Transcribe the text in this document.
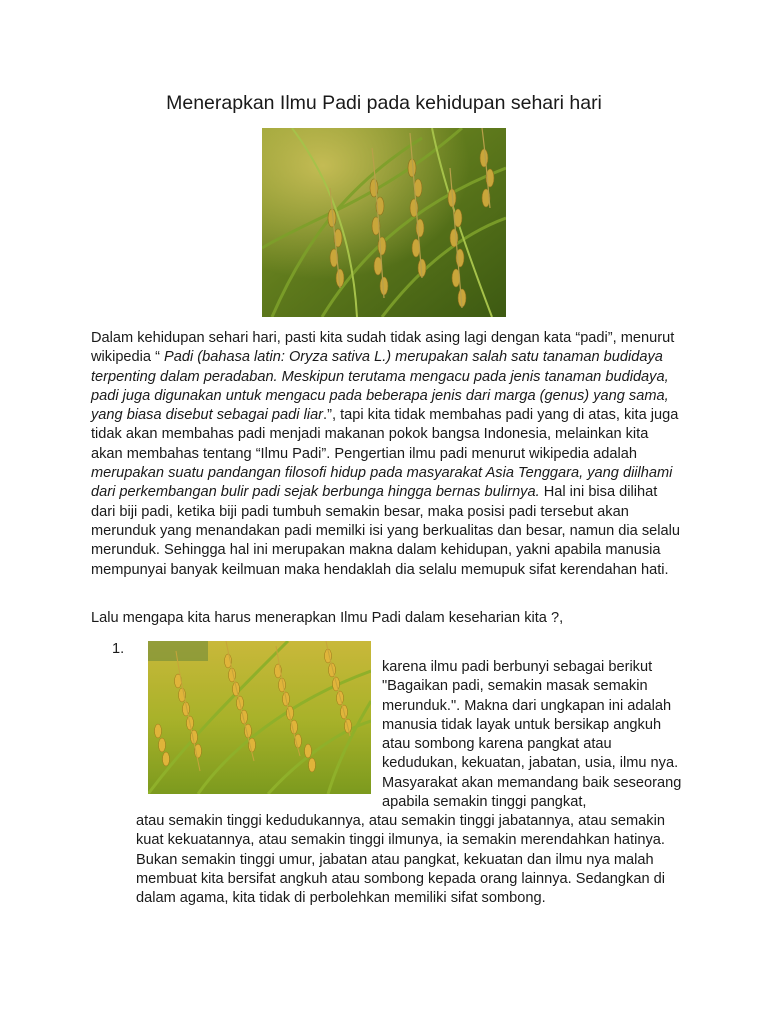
Menerapkan Ilmu Padi pada kehidupan sehari hari

Dalam kehidupan sehari hari, pasti kita sudah tidak asing lagi dengan kata “padi”, menurut wikipedia “ Padi (bahasa latin: Oryza sativa L.) merupakan salah satu tanaman budidaya terpenting dalam peradaban. Meskipun terutama mengacu pada jenis tanaman budidaya, padi juga digunakan untuk mengacu pada beberapa jenis dari marga (genus) yang sama, yang biasa disebut sebagai padi liar.”, tapi kita tidak membahas padi yang di atas, kita juga tidak akan membahas padi menjadi makanan pokok bangsa Indonesia, melainkan kita akan membahas tentang “Ilmu Padi”. Pengertian ilmu padi menurut wikipedia adalah merupakan suatu pandangan filosofi hidup pada masyarakat Asia Tenggara, yang diilhami dari perkembangan bulir padi sejak berbunga hingga bernas bulirnya. Hal ini bisa dilihat dari biji padi, ketika biji padi tumbuh semakin besar, maka posisi padi tersebut akan merunduk yang menandakan padi memilki isi yang berkualitas dan besar, namun dia selalu merunduk. Sehingga hal ini merupakan makna dalam kehidupan, yakni apabila manusia mempunyai banyak keilmuan maka hendaklah dia selalu memupuk sifat kerendahan hati.

Lalu mengapa kita harus menerapkan Ilmu Padi dalam keseharian kita ?,

1.

karena ilmu padi berbunyi sebagai berikut "Bagaikan padi, semakin masak semakin merunduk.". Makna dari ungkapan ini adalah manusia tidak layak untuk bersikap angkuh atau sombong karena pangkat atau kedudukan, kekuatan, jabatan, usia, ilmu nya. Masyarakat akan memandang baik seseorang apabila semakin tinggi pangkat,

atau semakin tinggi kedudukannya, atau semakin tinggi jabatannya, atau semakin kuat kekuatannya, atau semakin tinggi ilmunya, ia semakin merendahkan hatinya. Bukan semakin tinggi umur, jabatan atau pangkat, kekuatan dan ilmu nya malah membuat kita bersifat angkuh atau sombong kepada orang lainnya. Sedangkan di dalam agama, kita tidak di perbolehkan memiliki sifat sombong.
